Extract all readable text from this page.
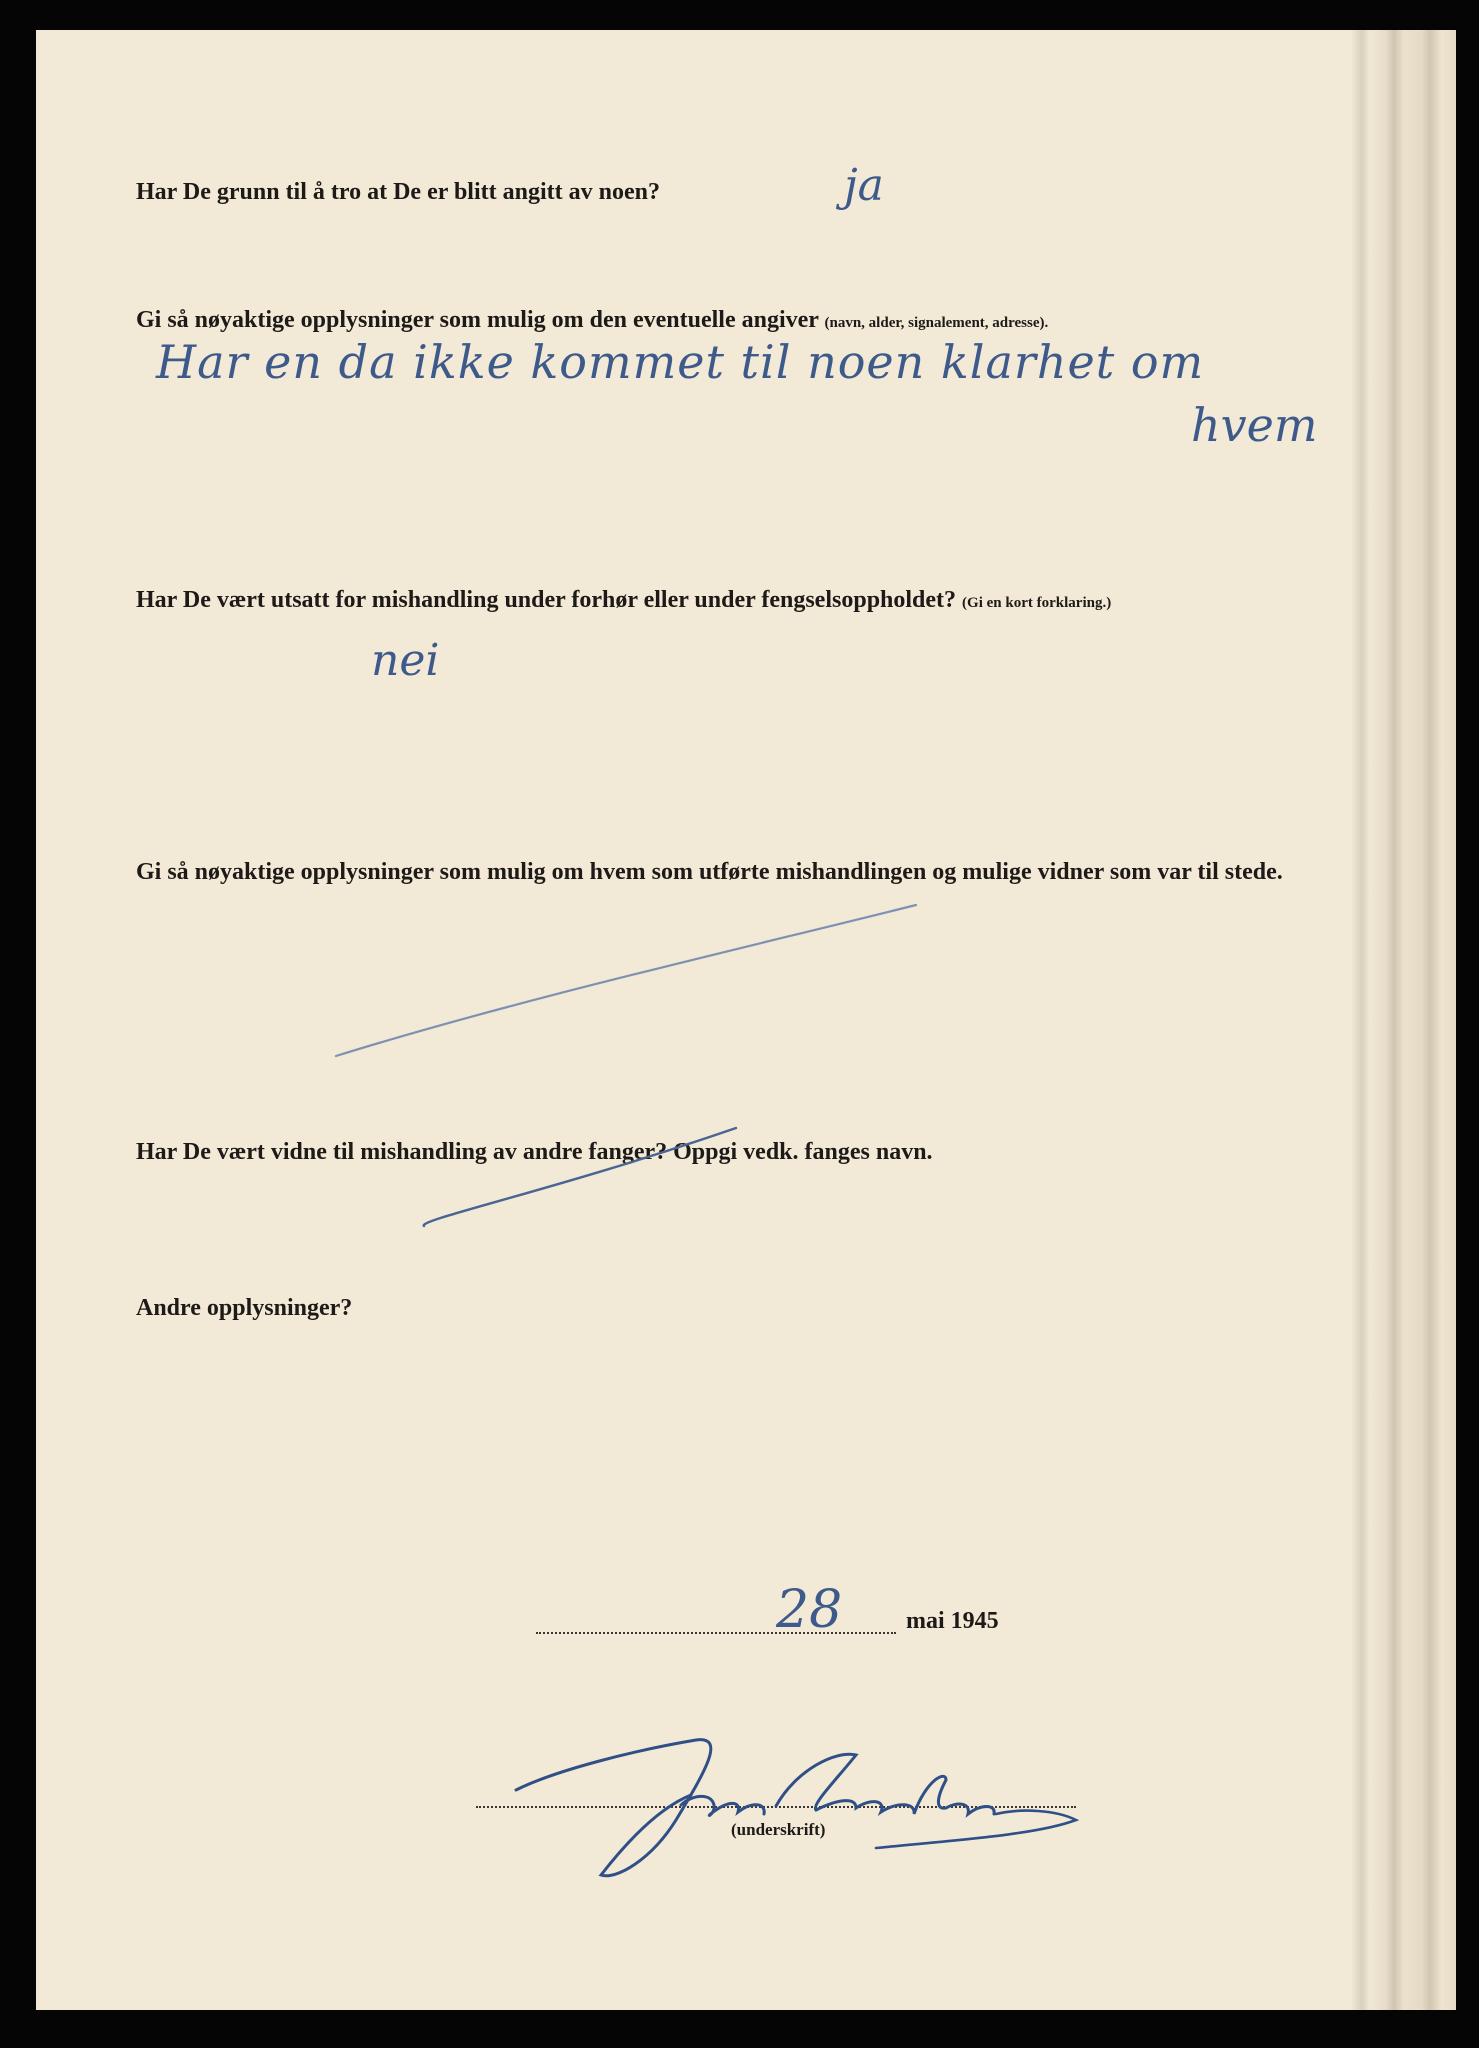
Har De grunn til å tro at De er blitt angitt av noen?	ja
Gi så nøyaktige opplysninger som mulig om den eventuelle angiver (navn, alder, signalement, adresse).
Har en da ikke kommet til noen klarhet om
hvem
Har De vært utsatt for mishandling under forhør eller under fengselsoppholdet? (Gi en kort forklaring.)
nei
Gi så nøyaktige opplysninger som mulig om hvem som utførte mishandlingen og mulige vidner som var til stede.
Har De vært vidne til mishandling av andre fanger? Oppgi vedk. fanges navn.
Andre opplysninger?
28	mai 1945
(underskrift)
